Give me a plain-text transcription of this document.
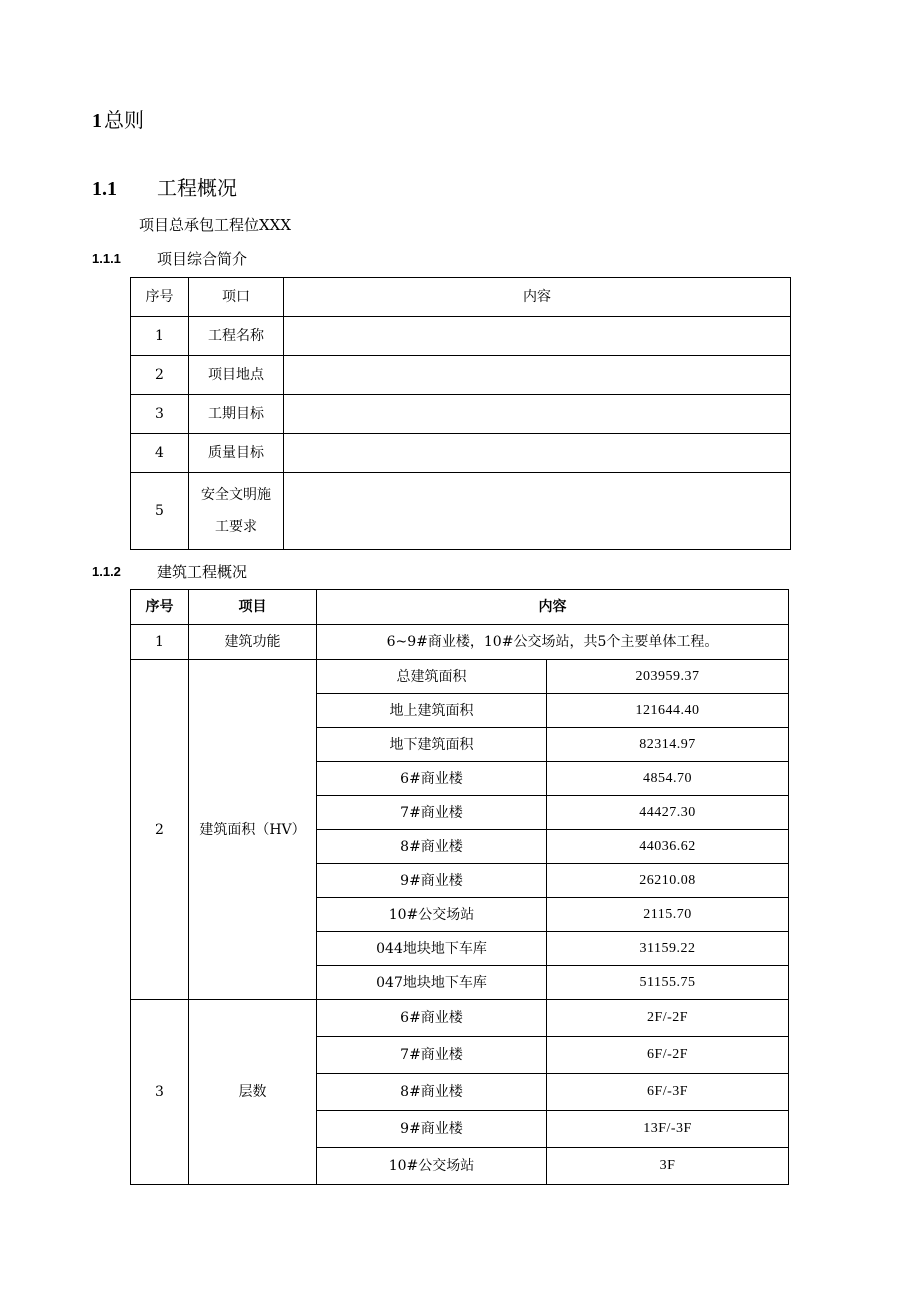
1 总则
1.1 工程概况
项目总承包工程位XXX
1.1.1 项目综合简介
序号	项口	内容
1	工程名称	
2	项目地点	
3	工期目标	
4	质量目标	
5	安全文明施
工要求	

1.1.2 建筑工程概况
序号	项目	内容	
1	建筑功能	6~9#商业楼，10#公交场站，共5个主要单体工程。	
2	建筑面积（HV）	总建筑面积	203959.37
		地上建筑面积	121644.40
		地下建筑面积	82314.97
		6#商业楼	4854.70
		7#商业楼	44427.30
		8#商业楼	44036.62
		9#商业楼	26210.08
		10#公交场站	2115.70
		044地块地下车库	31159.22
		047地块地下车库	51155.75
3	层数	6#商业楼	2F/-2F
		7#商业楼	6F/-2F
		8#商业楼	6F/-3F
		9#商业楼	13F/-3F
		10#公交场站	3F
